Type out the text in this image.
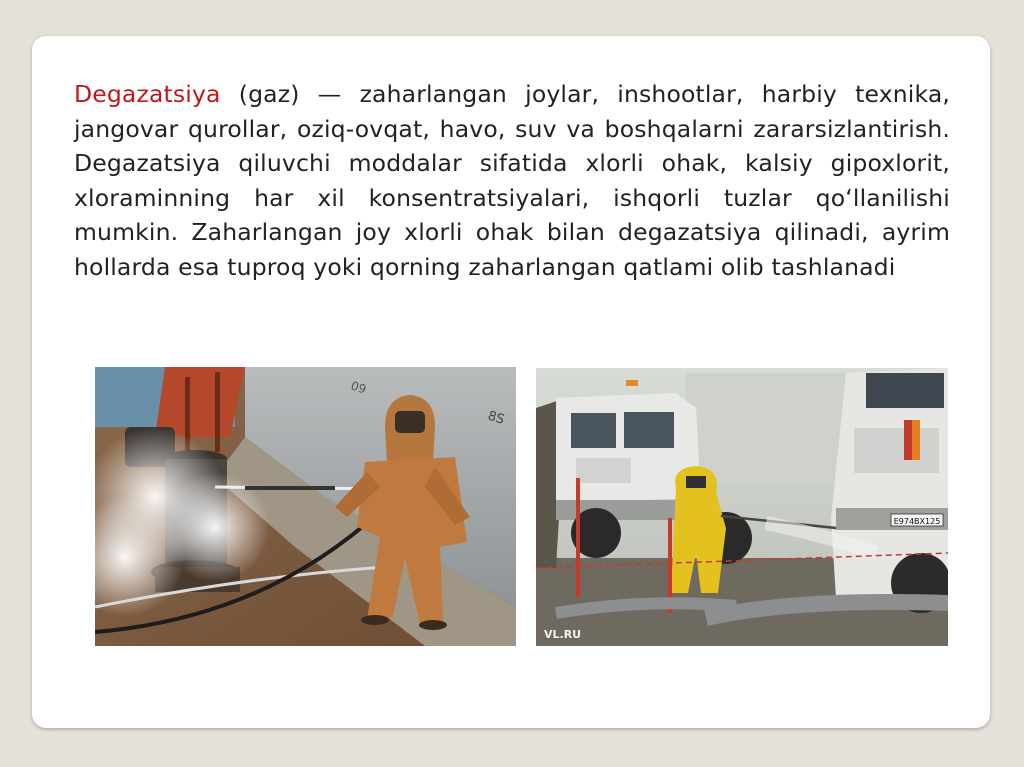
Degazatsiya (gaz) — zaharlangan joylar, inshootlar, harbiy texnika, jangovar qurollar, oziq-ovqat, havo, suv va boshqalarni zararsizlantirish. Degazatsiya qiluvchi moddalar sifatida xlorli ohak, kalsiy gipoxlorit, xloraminning har xil konsentratsiyalari, ishqorli tuzlar qoʻllanilishi mumkin. Zaharlangan joy xlorli ohak bilan degazatsiya qilinadi, ayrim hollarda esa tuproq yoki qorning zaharlangan qatlami olib tashlanadi

09
8S
Е974ВХ125
VL.RU
